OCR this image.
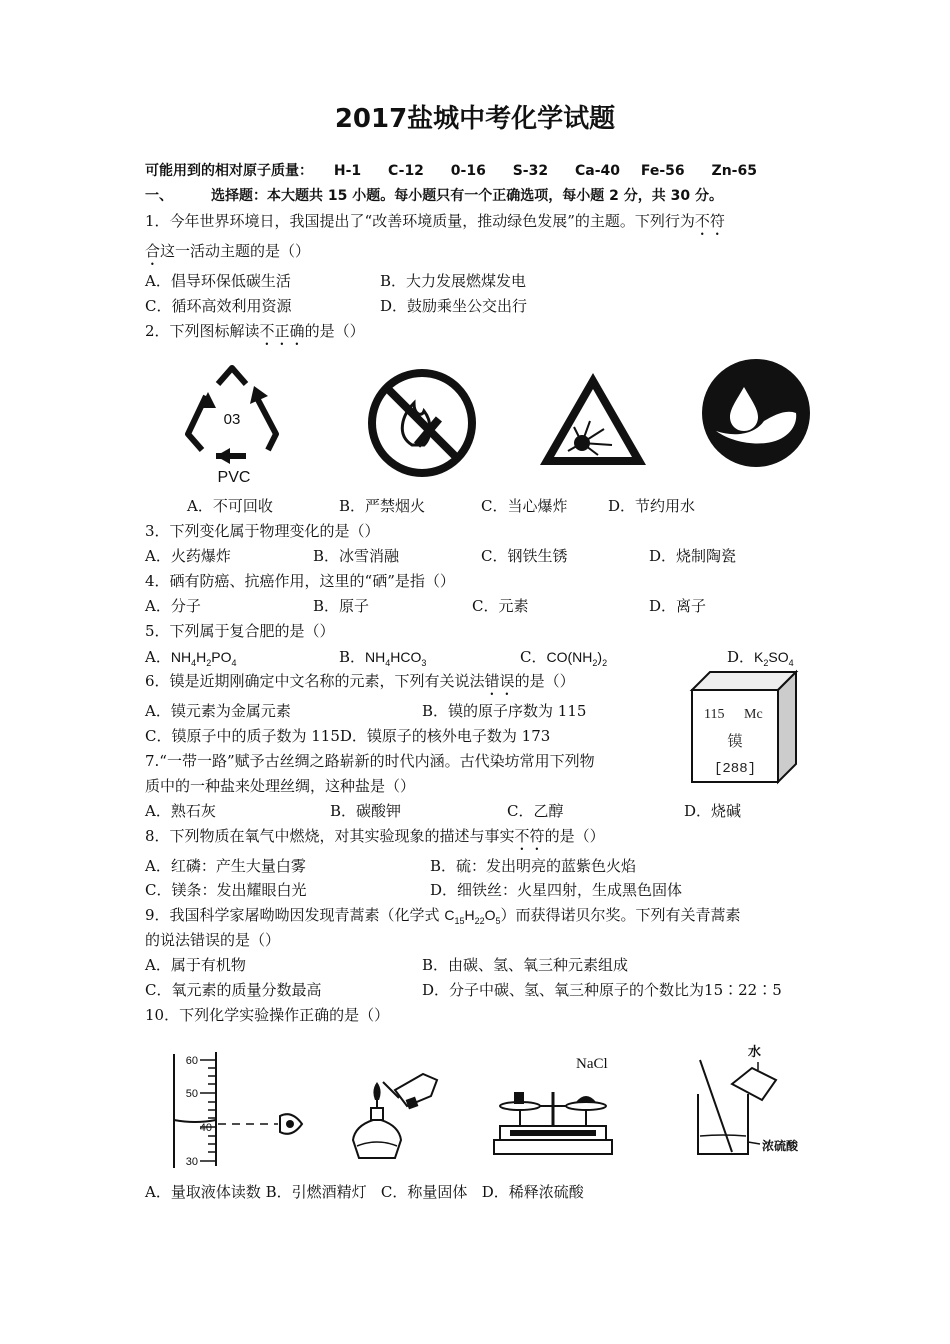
2017盐城中考化学试题
可能用到的相对原子质量： H-1 C-12 0-16 S-32 Ca-40 Fe-56 Zn-65
一、	选择题：本大题共 15 小题。每小题只有一个正确选项，每小题 2 分，共 30 分。
1．今年世界环境日，我国提出了“改善环境质量，推动绿色发展”的主题。下列行为不符
合这一活动主题的是（）
A．倡导环保低碳生活	B．大力发展燃煤发电
C．循环高效利用资源	D．鼓励乘坐公交出行
2．下列图标解读不正确的是（）
03
PVC
A．不可回收	B．严禁烟火	C．当心爆炸	D．节约用水
3．下列变化属于物理变化的是（）
A．火药爆炸	B．冰雪消融	C．钢铁生锈	D．烧制陶瓷
4．硒有防癌、抗癌作用，这里的“硒”是指（）
A．分子	B．原子	C．元素	D．离子
5．下列属于复合肥的是（）
A．$NH_4H_2PO_4$	B．$NH_4HCO_3$	C．$CO(NH_2)_2$	D．$K_2SO_4$
6．镆是近期刚确定中文名称的元素，下列有关说法错误的是（）
A．镆元素为金属元素	B．镆的原子序数为 115
C．镆原子中的质子数为 115D．镆原子的核外电子数为 173
115 Mc
镆
[288]
7.“一带一路”赋予古丝绸之路崭新的时代内涵。古代染坊常用下列物
质中的一种盐来处理丝绸，这种盐是（）
A．熟石灰	B．碳酸钾	C．乙醇	D．烧碱
8．下列物质在氧气中燃烧，对其实验现象的描述与事实不符的是（）
A．红磷：产生大量白雾	B．硫：发出明亮的蓝紫色火焰
C．镁条：发出耀眼白光	D．细铁丝：火星四射，生成黑色固体
9．我国科学家屠呦呦因发现青蒿素（化学式 $C_{15}H_{22}O_5$）而获得诺贝尔奖。下列有关青蒿素
的说法错误的是（）
A．属于有机物	B．由碳、氢、氧三种元素组成
C．氧元素的质量分数最高	D．分子中碳、氢、氧三种原子的个数比为15∶22∶5
10．下列化学实验操作正确的是（）
60
50
40
30
NaCl
水
浓硫酸
A．量取液体读数 B．引燃酒精灯   C．称量固体   D．稀释浓硫酸
